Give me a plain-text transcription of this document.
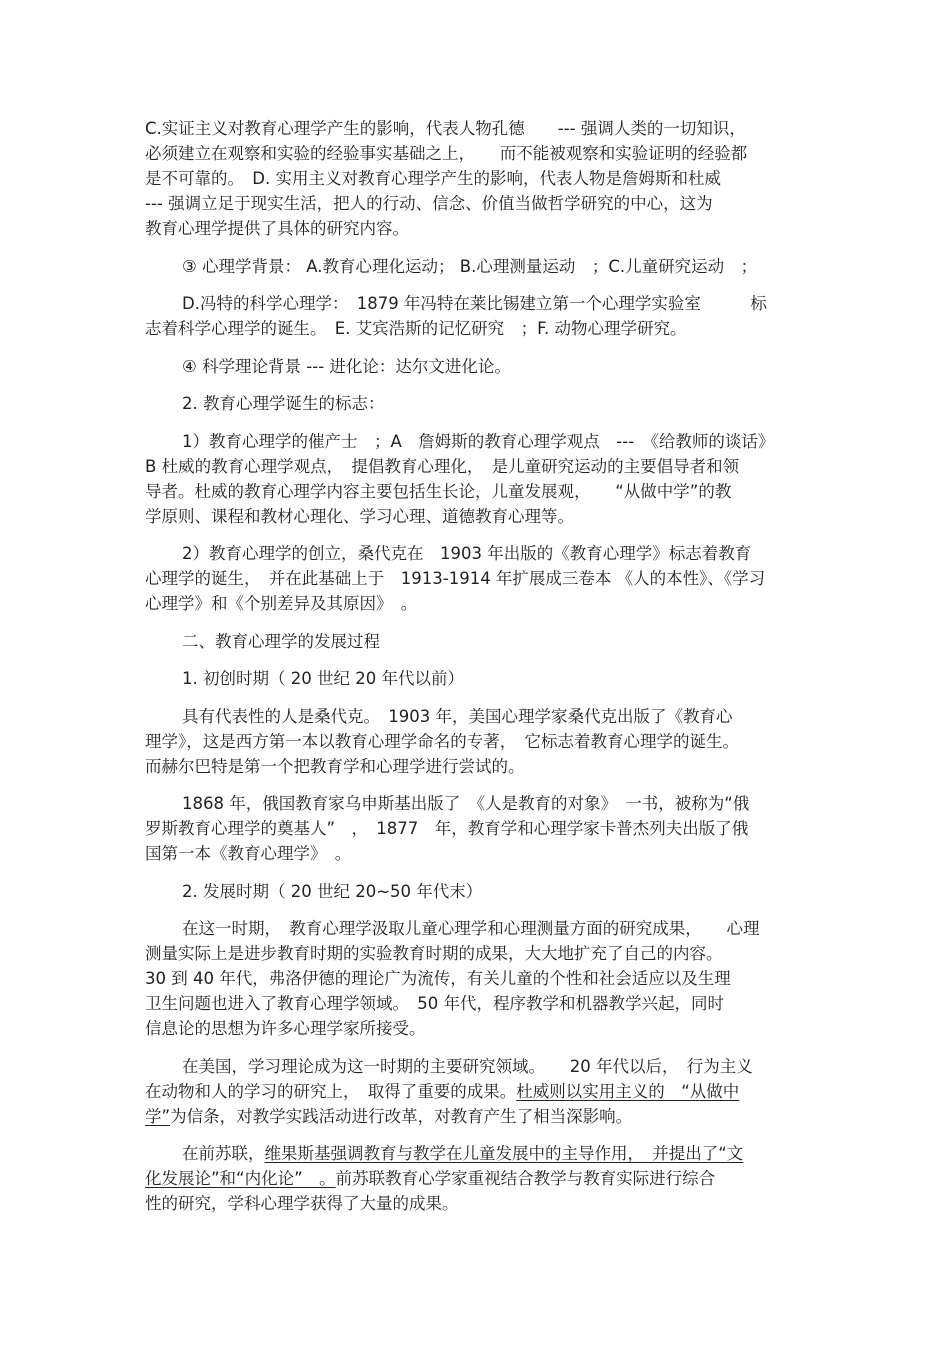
C.实证主义对教育心理学产生的影响，代表人物孔德　　--- 强调人类的一切知识，
必须建立在观察和实验的经验事实基础之上，　　而不能被观察和实验证明的经验都
是不可靠的。　D. 实用主义对教育心理学产生的影响，代表人物是詹姆斯和杜威
--- 强调立足于现实生活，把人的行动、信念、价值当做哲学研究的中心，这为
教育心理学提供了具体的研究内容。
③ 心理学背景： A.教育心理化运动； B.心理测量运动　；C.儿童研究运动　；
D.冯特的科学心理学：　1879 年冯特在莱比锡建立第一个心理学实验室　　　标
志着科学心理学的诞生。　E. 艾宾浩斯的记忆研究　；F. 动物心理学研究。
④ 科学理论背景 --- 进化论：达尔文进化论。
2. 教育心理学诞生的标志：
1）教育心理学的催产士　；A　詹姆斯的教育心理学观点　---　《给教师的谈话》
B 杜威的教育心理学观点，　提倡教育心理化，　是儿童研究运动的主要倡导者和领
导者。杜威的教育心理学内容主要包括生长论，儿童发展观，　　“从做中学”的教
学原则、课程和教材心理化、学习心理、道德教育心理等。
2）教育心理学的创立，桑代克在　1903 年出版的《教育心理学》标志着教育
心理学的诞生，　并在此基础上于　1913-1914 年扩展成三卷本 《人的本性》、《学习
心理学》和《个别差异及其原因》　。
二、教育心理学的发展过程
1. 初创时期（ 20 世纪 20 年代以前）
具有代表性的人是桑代克。　1903 年，美国心理学家桑代克出版了《教育心
理学》，这是西方第一本以教育心理学命名的专著，　它标志着教育心理学的诞生。
而赫尔巴特是第一个把教育学和心理学进行尝试的。
1868 年，俄国教育家乌申斯基出版了　《人是教育的对象》　一书，被称为“俄
罗斯教育心理学的奠基人”　，　1877　年，教育学和心理学家卡普杰列夫出版了俄
国第一本《教育心理学》　。
2. 发展时期（ 20 世纪 20~50 年代末）
在这一时期，　教育心理学汲取儿童心理学和心理测量方面的研究成果，　　心理
测量实际上是进步教育时期的实验教育时期的成果，大大地扩充了自己的内容。
30 到 40 年代，弗洛伊德的理论广为流传，有关儿童的个性和社会适应以及生理
卫生问题也进入了教育心理学领域。　50 年代，程序教学和机器教学兴起，同时
信息论的思想为许多心理学家所接受。
在美国，学习理论成为这一时期的主要研究领域。　　20 年代以后，　行为主义
在动物和人的学习的研究上，　取得了重要的成果。杜威则以实用主义的　“从做中
学”为信条，对教学实践活动进行改革，对教育产生了相当深影响。
在前苏联，维果斯基强调教育与教学在儿童发展中的主导作用，　并提出了“文
化发展论”和“内化论”　。前苏联教育心学家重视结合教学与教育实际进行综合
性的研究，学科心理学获得了大量的成果。
